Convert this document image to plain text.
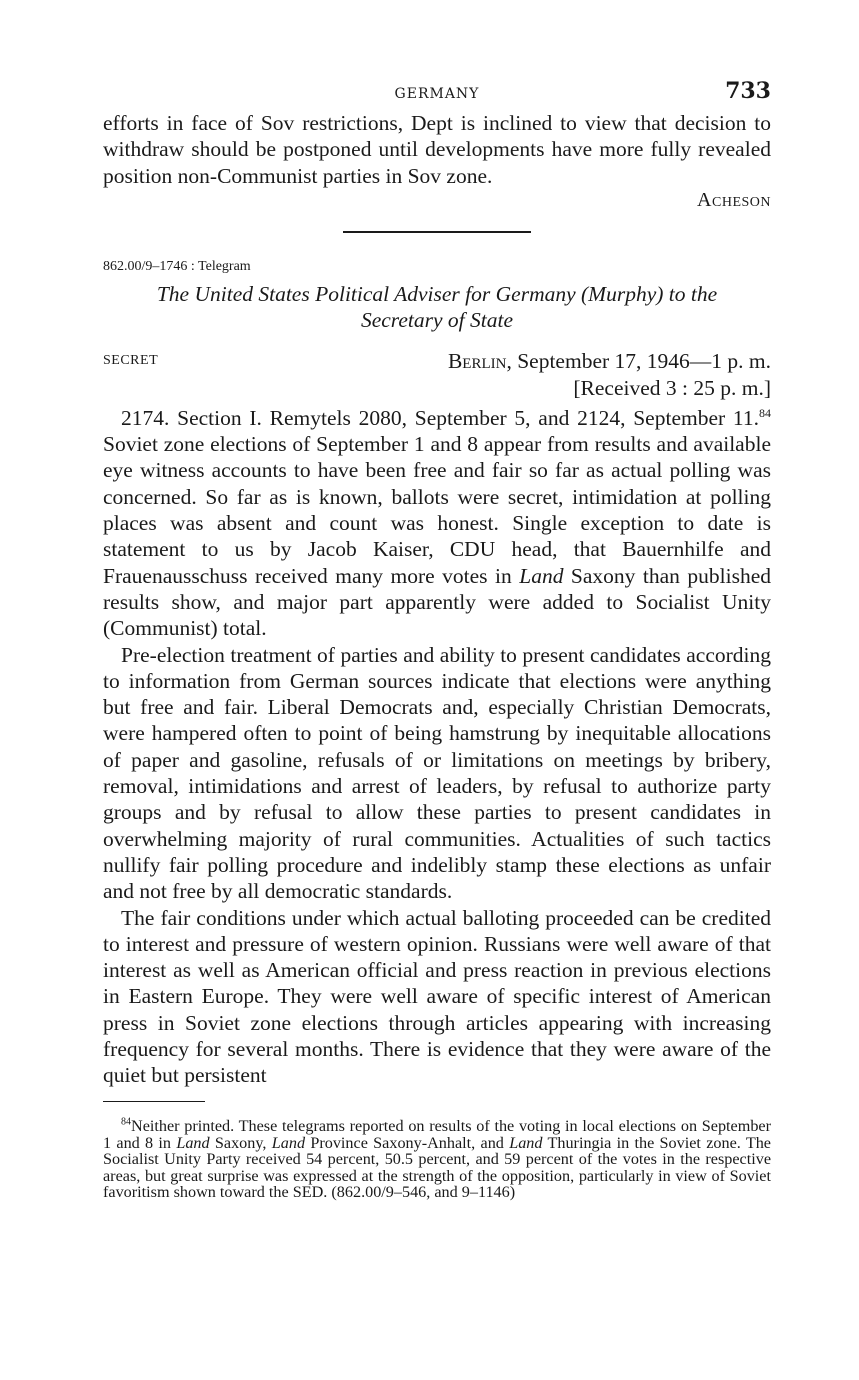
GERMANY	733

efforts in face of Sov restrictions, Dept is inclined to view that decision to withdraw should be postponed until developments have more fully revealed position non-Communist parties in Sov zone.

Acheson

862.00/9–1746 : Telegram

The United States Political Adviser for Germany (Murphy) to the
Secretary of State
SECRET	Berlin, September 17, 1946—1 p. m.

[Received 3 : 25 p. m.]

2174. Section I. Remytels 2080, September 5, and 2124, September 11.84 Soviet zone elections of September 1 and 8 appear from results and available eye witness accounts to have been free and fair so far as actual polling was concerned. So far as is known, ballots were secret, intimidation at polling places was absent and count was honest. Single exception to date is statement to us by Jacob Kaiser, CDU head, that Bauernhilfe and Frauenausschuss received many more votes in Land Saxony than published results show, and major part apparently were added to Socialist Unity (Communist) total.

Pre-election treatment of parties and ability to present candidates according to information from German sources indicate that elections were anything but free and fair. Liberal Democrats and, especially Christian Democrats, were hampered often to point of being hamstrung by inequitable allocations of paper and gasoline, refusals of or limitations on meetings by bribery, removal, intimidations and arrest of leaders, by refusal to authorize party groups and by refusal to allow these parties to present candidates in overwhelming majority of rural communities. Actualities of such tactics nullify fair polling procedure and indelibly stamp these elections as unfair and not free by all democratic standards.

The fair conditions under which actual balloting proceeded can be credited to interest and pressure of western opinion. Russians were well aware of that interest as well as American official and press reaction in previous elections in Eastern Europe. They were well aware of specific interest of American press in Soviet zone elections through articles appearing with increasing frequency for several months. There is evidence that they were aware of the quiet but persistent

$^{84}$Neither printed. These telegrams reported on results of the voting in local elections on September 1 and 8 in Land Saxony, Land Province Saxony-Anhalt, and Land Thuringia in the Soviet zone. The Socialist Unity Party received 54 percent, 50.5 percent, and 59 percent of the votes in the respective areas, but great surprise was expressed at the strength of the opposition, particularly in view of Soviet favoritism shown toward the SED. (862.00/9–546, and 9–1146)
